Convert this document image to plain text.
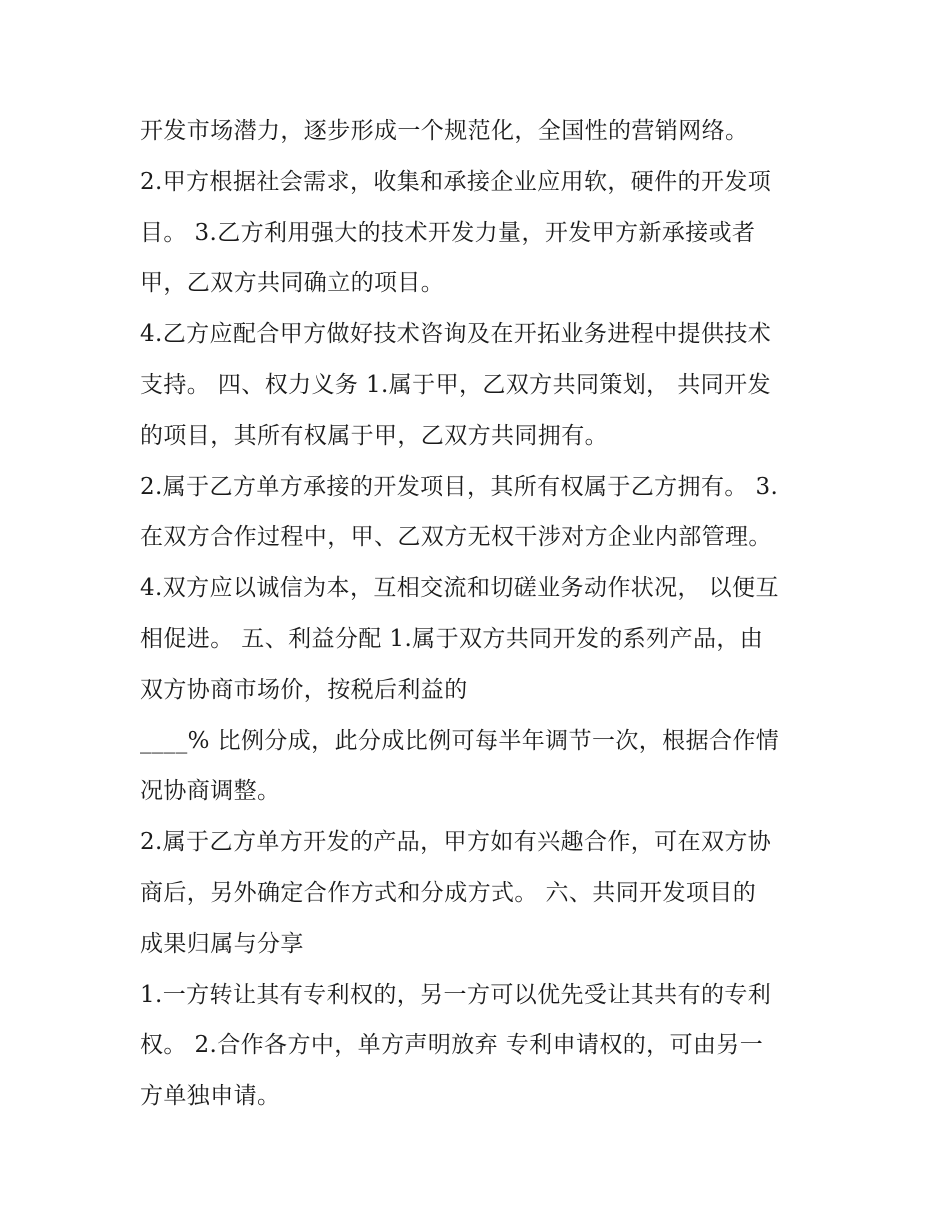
开发市场潜力，逐步形成一个规范化，全国性的营销网络。
2.甲方根据社会需求，收集和承接企业应用软，硬件的开发项
目。 3.乙方利用强大的技术开发力量，开发甲方新承接或者
甲，乙双方共同确立的项目。
4.乙方应配合甲方做好技术咨询及在开拓业务进程中提供技术
支持。 四、权力义务 1.属于甲，乙双方共同策划， 共同开发
的项目，其所有权属于甲，乙双方共同拥有。
2.属于乙方单方承接的开发项目，其所有权属于乙方拥有。 3.
在双方合作过程中，甲、乙双方无权干涉对方企业内部管理。
4.双方应以诚信为本，互相交流和切磋业务动作状况， 以便互
相促进。 五、利益分配 1.属于双方共同开发的系列产品，由
双方协商市场价，按税后利益的
____% 比例分成，此分成比例可每半年调节一次，根据合作情
况协商调整。
2.属于乙方单方开发的产品，甲方如有兴趣合作，可在双方协
商后，另外确定合作方式和分成方式。 六、共同开发项目的
成果归属与分享
1.一方转让其有专利权的，另一方可以优先受让其共有的专利
权。 2.合作各方中，单方声明放弃 专利申请权的，可由另一
方单独申请。
